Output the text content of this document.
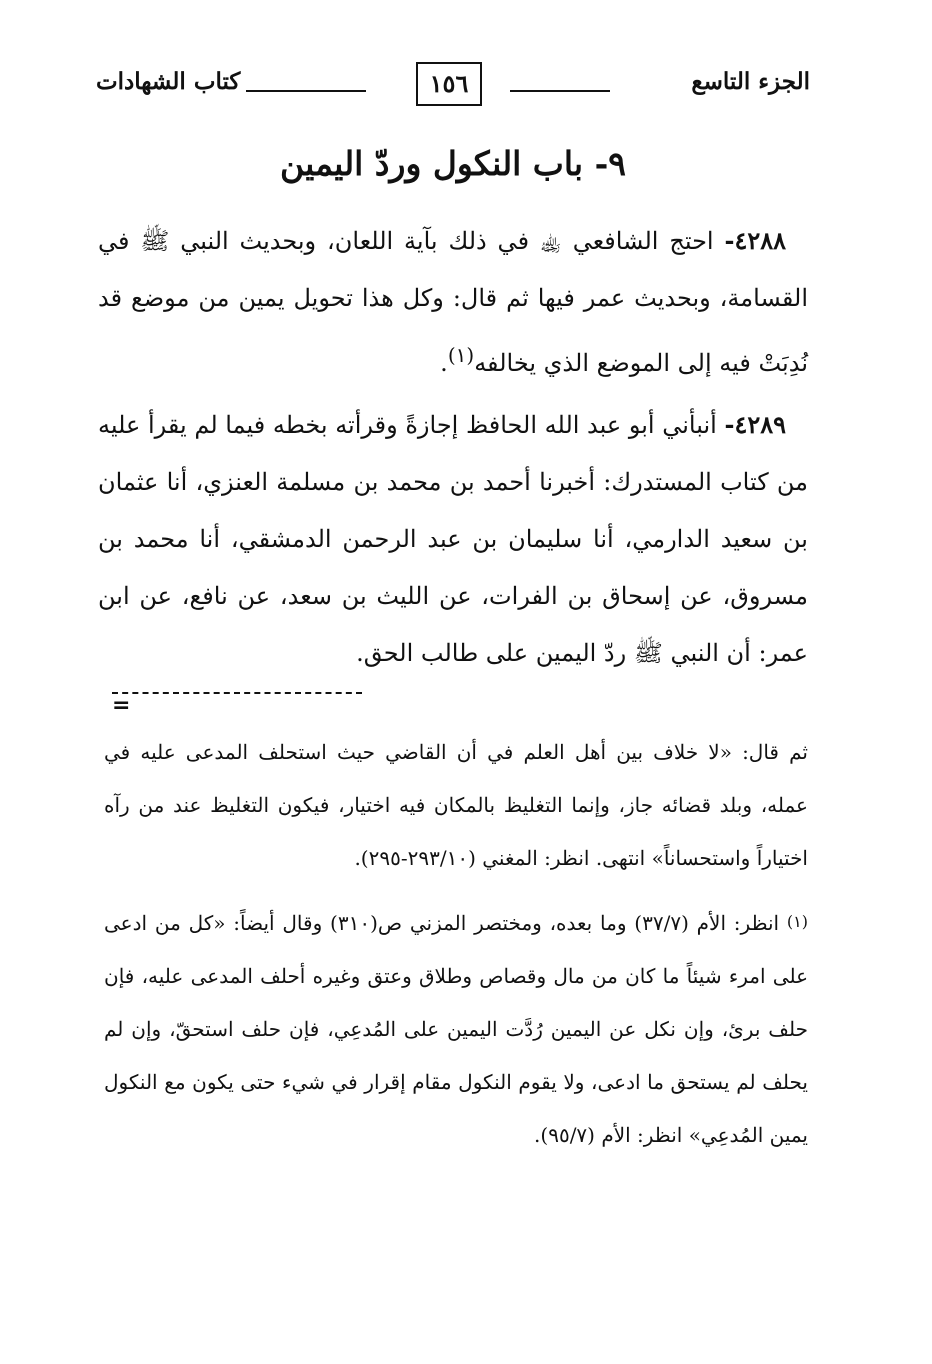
الجزء التاسع
١٥٦
كتاب الشهادات
٩- باب النكول وردّ اليمين

٤٢٨٨- احتج الشافعي ﵀ في ذلك بآية اللعان، وبحديث النبي ﷺ في القسامة، وبحديث عمر فيها ثم قال: وكل هذا تحويل يمين من موضع قد نُدِبَتْ فيه إلى الموضع الذي يخالفه$^{(١)}$.

٤٢٨٩- أنبأني أبو عبد الله الحافظ إجازةً وقرأته بخطه فيما لم يقرأ عليه من كتاب المستدرك: أخبرنا أحمد بن محمد بن مسلمة العنزي، أنا عثمان بن سعيد الدارمي، أنا سليمان بن عبد الرحمن الدمشقي، أنا محمد بن مسروق، عن إسحاق بن الفرات، عن الليث بن سعد، عن نافع، عن ابن عمر: أن النبي ﷺ ردّ اليمين على طالب الحق.

=

ثم قال: «لا خلاف بين أهل العلم في أن القاضي حيث استحلف المدعى عليه في عمله، وبلد قضائه جاز، وإنما التغليظ بالمكان فيه اختيار، فيكون التغليظ عند من رآه اختياراً واستحساناً» انتهى. انظر: المغني (٢٩٣/١٠-٢٩٥).

(١) انظر: الأم (٣٧/٧) وما بعده، ومختصر المزني ص(٣١٠) وقال أيضاً: «كل من ادعى على امرء شيئاً ما كان من مال وقصاص وطلاق وعتق وغيره أحلف المدعى عليه، فإن حلف برئ، وإن نكل عن اليمين رُدَّت اليمين على المُدعِي، فإن حلف استحقّ، وإن لم يحلف لم يستحق ما ادعى، ولا يقوم النكول مقام إقرار في شيء حتى يكون مع النكول يمين المُدعِي» انظر: الأم (٩٥/٧).
